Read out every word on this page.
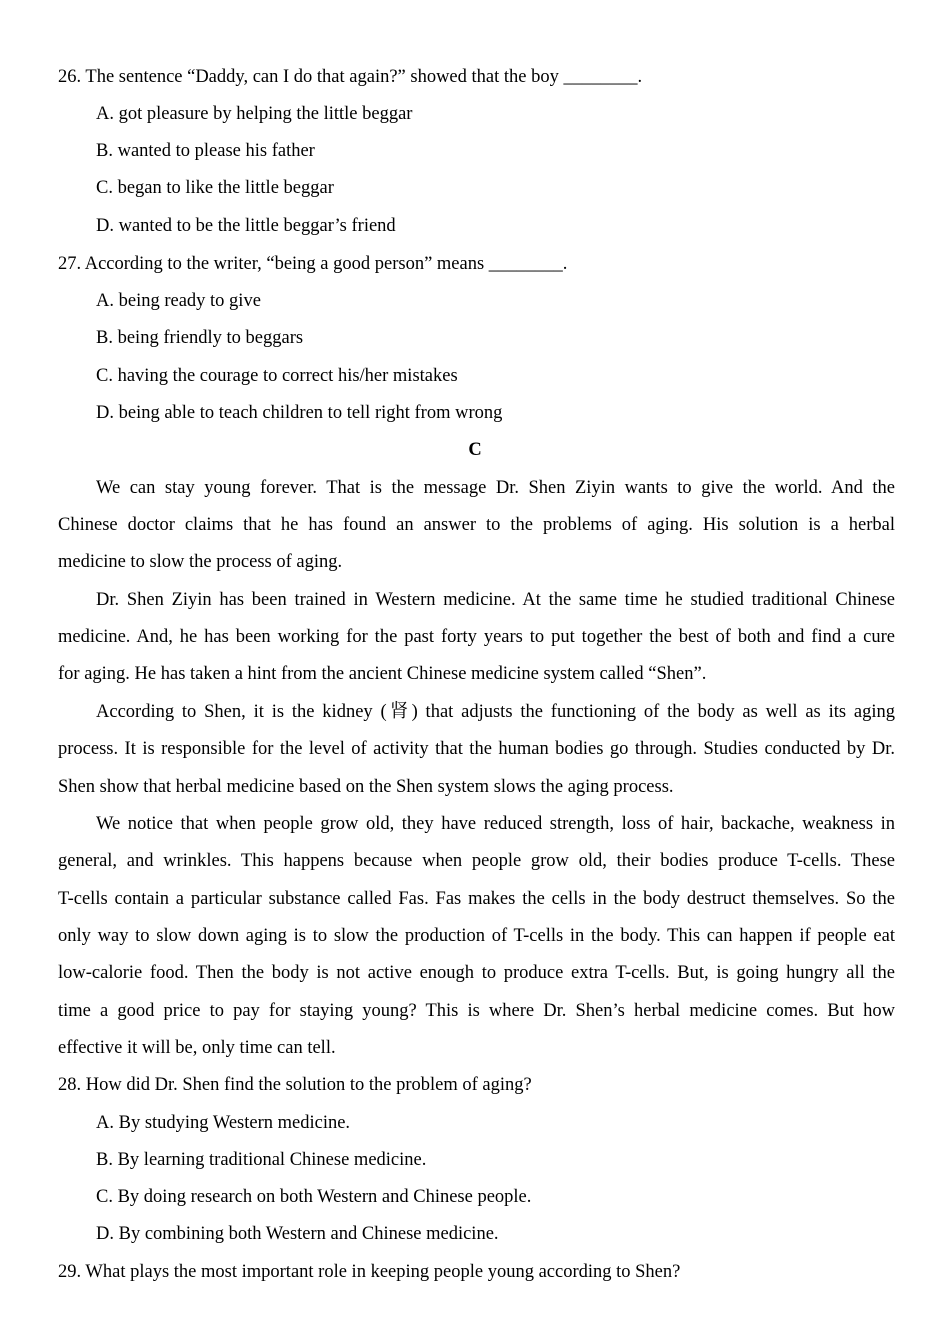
26. The sentence “Daddy, can I do that again?” showed that the boy ________.
A. got pleasure by helping the little beggar
B. wanted to please his father
C. began to like the little beggar
D. wanted to be the little beggar’s friend
27. According to the writer, “being a good person” means ________.
A. being ready to give
B. being friendly to beggars
C. having the courage to correct his/her mistakes
D. being able to teach children to tell right from wrong
C
We can stay young forever. That is the message Dr. Shen Ziyin wants to give the world. And the
Chinese doctor claims that he has found an answer to the problems of aging. His solution is a herbal
medicine to slow the process of aging.
Dr. Shen Ziyin has been trained in Western medicine. At the same time he studied traditional Chinese
medicine. And, he has been working for the past forty years to put together the best of both and find a cure
for aging. He has taken a hint from the ancient Chinese medicine system called “Shen”.
According to Shen, it is the kidney (肾) that adjusts the functioning of the body as well as its aging
process. It is responsible for the level of activity that the human bodies go through. Studies conducted by Dr.
Shen show that herbal medicine based on the Shen system slows the aging process.
We notice that when people grow old, they have reduced strength, loss of hair, backache, weakness in
general, and wrinkles. This happens because when people grow old, their bodies produce T-cells. These
T-cells contain a particular substance called Fas. Fas makes the cells in the body destruct themselves. So the
only way to slow down aging is to slow the production of T-cells in the body. This can happen if people eat
low-calorie food. Then the body is not active enough to produce extra T-cells. But, is going hungry all the
time a good price to pay for staying young? This is where Dr. Shen’s herbal medicine comes. But how
effective it will be, only time can tell.
28. How did Dr. Shen find the solution to the problem of aging?
A. By studying Western medicine.
B. By learning traditional Chinese medicine.
C. By doing research on both Western and Chinese people.
D. By combining both Western and Chinese medicine.
29. What plays the most important role in keeping people young according to Shen?
